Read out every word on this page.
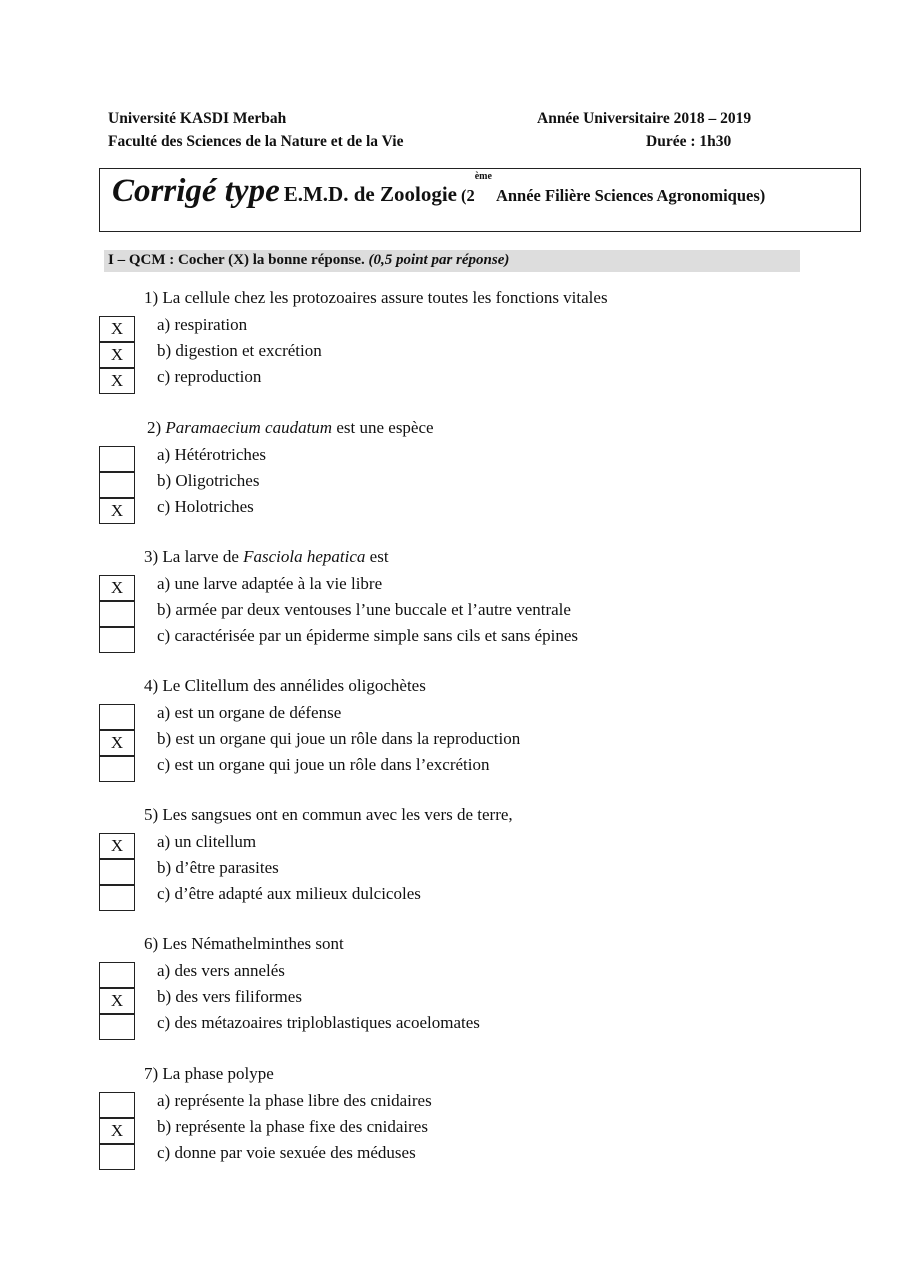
Université KASDI Merbah
Faculté des Sciences de la Nature et de la Vie
Année Universitaire 2018 – 2019
Durée : 1h30
Corrigé type E.M.D. de Zoologie (2ème Année Filière Sciences Agronomiques)
I – QCM : Cocher (X) la bonne réponse. (0,5 point par réponse)
1) La cellule chez les protozoaires assure toutes les fonctions vitales
X	a) respiration
X	b) digestion et excrétion
X	c) reproduction
2) Paramaecium caudatum est une espèce
a) Hétérotriches
b) Oligotriches
X	c) Holotriches
3) La larve de Fasciola hepatica est
X	a) une larve adaptée à la vie libre
b) armée par deux ventouses l’une buccale et l’autre ventrale
c) caractérisée par un épiderme simple sans cils et sans épines
4) Le Clitellum des annélides oligochètes
a) est un organe de défense
X	b) est un organe qui joue un rôle dans la reproduction
c) est un organe qui joue un rôle dans l’excrétion
5) Les sangsues ont en commun avec les vers de terre,
X	a) un clitellum
b) d’être parasites
c) d’être adapté aux milieux dulcicoles
6) Les Némathelminthes sont
a) des vers annelés
X	b) des vers filiformes
c) des métazoaires triploblastiques acoelomates
7) La phase polype
a) représente la phase libre des cnidaires
X	b) représente la phase fixe des cnidaires
c) donne par voie sexuée des méduses
